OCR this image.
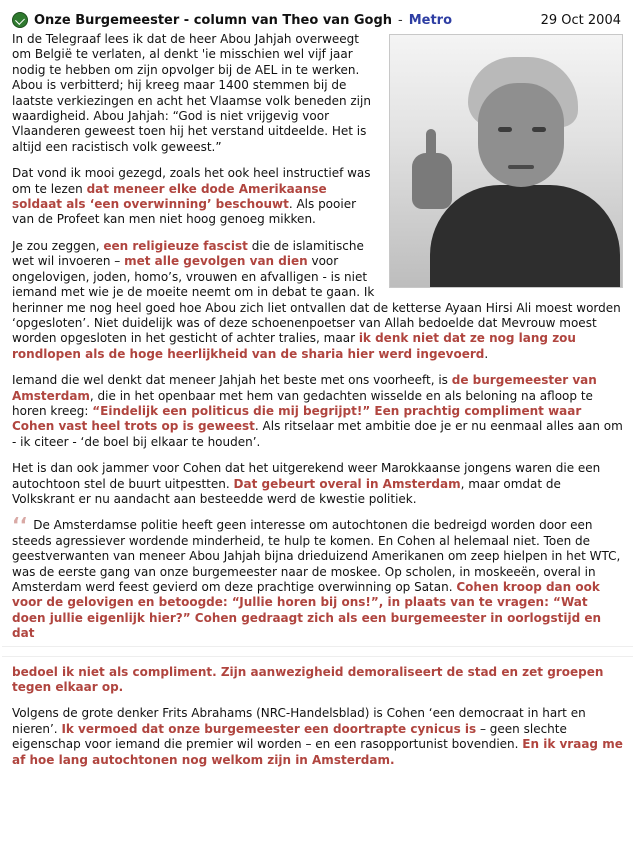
Onze Burgemeester - column van Theo van Gogh - Metro	29 Oct 2004

In de Telegraaf lees ik dat de heer Abou Jahjah overweegt om België te verlaten, al denkt 'ie misschien wel vijf jaar nodig te hebben om zijn opvolger bij de AEL in te werken. Abou is verbitterd; hij kreeg maar 1400 stemmen bij de laatste verkiezingen en acht het Vlaamse volk beneden zijn waardigheid. Abou Jahjah: “God is niet vrijgevig voor Vlaanderen geweest toen hij het verstand uitdeelde. Het is altijd een racistisch volk geweest.”

Dat vond ik mooi gezegd, zoals het ook heel instructief was om te lezen dat meneer elke dode Amerikaanse soldaat als ‘een overwinning’ beschouwt. Als pooier van de Profeet kan men niet hoog genoeg mikken.

Je zou zeggen, een religieuze fascist die de islamitische wet wil invoeren – met alle gevolgen van dien voor ongelovigen, joden, homo’s, vrouwen en afvalligen - is niet iemand met wie je de moeite neemt om in debat te gaan. Ik herinner me nog heel goed hoe Abou zich liet ontvallen dat de ketterse Ayaan Hirsi Ali moest worden ‘opgesloten’. Niet duidelijk was of deze schoenenpoetser van Allah bedoelde dat Mevrouw moest worden opgesloten in het gesticht of achter tralies, maar ik denk niet dat ze nog lang zou rondlopen als de hoge heerlijkheid van de sharia hier werd ingevoerd.

Iemand die wel denkt dat meneer Jahjah het beste met ons voorheeft, is de burgemeester van Amsterdam, die in het openbaar met hem van gedachten wisselde en als beloning na afloop te horen kreeg: “Eindelijk een politicus die mij begrijpt!” Een prachtig compliment waar Cohen vast heel trots op is geweest. Als ritselaar met ambitie doe je er nu eenmaal alles aan om - ik citeer - ‘de boel bij elkaar te houden’.

Het is dan ook jammer voor Cohen dat het uitgerekend weer Marokkaanse jongens waren die een autochtoon stel de buurt uitpestten. Dat gebeurt overal in Amsterdam, maar omdat de Volkskrant er nu aandacht aan besteedde werd de kwestie politiek.

‘‘ De Amsterdamse politie heeft geen interesse om autochtonen die bedreigd worden door een steeds agressiever wordende minderheid, te hulp te komen. En Cohen al helemaal niet. Toen de geestverwanten van meneer Abou Jahjah bijna drieduizend Amerikanen om zeep hielpen in het WTC, was de eerste gang van onze burgemeester naar de moskee. Op scholen, in moskeeën, overal in Amsterdam werd feest gevierd om deze prachtige overwinning op Satan. Cohen kroop dan ook voor de gelovigen en betoogde: “Jullie horen bij ons!”, in plaats van te vragen: “Wat doen jullie eigenlijk hier?” Cohen gedraagt zich als een burgemeester in oorlogstijd en dat

bedoel ik niet als compliment. Zijn aanwezigheid demoraliseert de stad en zet groepen tegen elkaar op.

Volgens de grote denker Frits Abrahams (NRC-Handelsblad) is Cohen ‘een democraat in hart en nieren’. Ik vermoed dat onze burgemeester een doortrapte cynicus is – geen slechte eigenschap voor iemand die premier wil worden – en een rasopportunist bovendien. En ik vraag me af hoe lang autochtonen nog welkom zijn in Amsterdam.
